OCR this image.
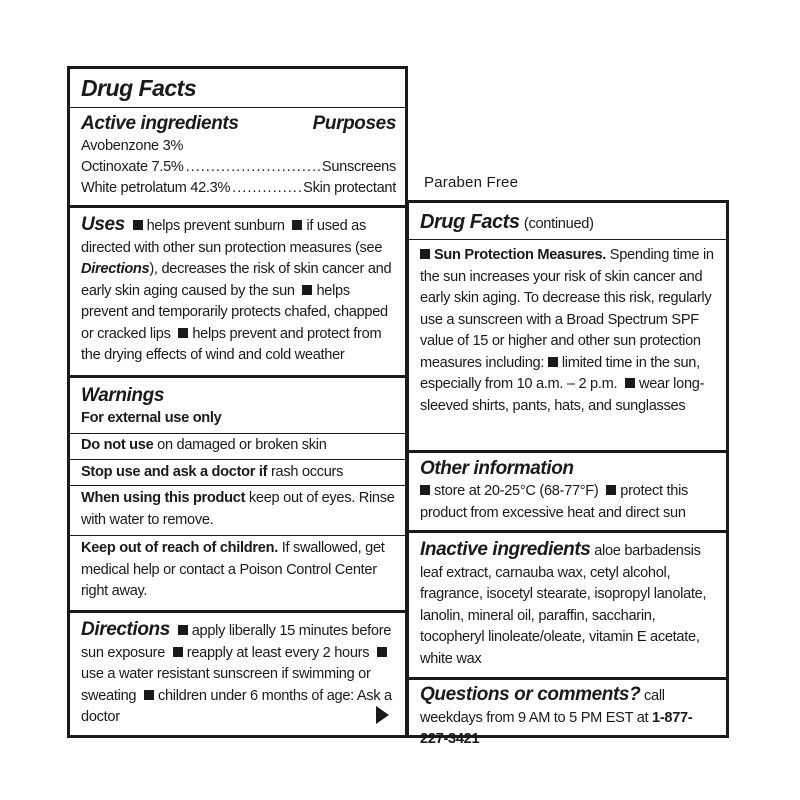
Drug Facts
Active ingredients	Purposes
Avobenzone 3%
Octinoxate 7.5% .....	Sunscreens
White petrolatum 42.3% .....	Skin protectant
Uses helps prevent sunburn if used as directed with other sun protection measures (see Directions), decreases the risk of skin cancer and early skin aging caused by the sun helps prevent and temporarily protects chafed, chapped or cracked lips helps prevent and protect from the drying effects of wind and cold weather
Warnings
For external use only
Do not use on damaged or broken skin
Stop use and ask a doctor if rash occurs
When using this product keep out of eyes. Rinse with water to remove.
Keep out of reach of children. If swallowed, get medical help or contact a Poison Control Center right away.
Directions apply liberally 15 minutes before sun exposure reapply at least every 2 hours use a water resistant sunscreen if swimming or sweating children under 6 months of age: Ask a doctor
Paraben Free
Drug Facts (continued)
Sun Protection Measures. Spending time in the sun increases your risk of skin cancer and early skin aging. To decrease this risk, regularly use a sunscreen with a Broad Spectrum SPF value of 15 or higher and other sun protection measures including: limited time in the sun, especially from 10 a.m. – 2 p.m. wear long-sleeved shirts, pants, hats, and sunglasses
Other information
store at 20-25°C (68-77°F) protect this product from excessive heat and direct sun
Inactive ingredients aloe barbadensis leaf extract, carnauba wax, cetyl alcohol, fragrance, isocetyl stearate, isopropyl lanolate, lanolin, mineral oil, paraffin, saccharin, tocopheryl linoleate/oleate, vitamin E acetate, white wax
Questions or comments? call weekdays from 9 AM to 5 PM EST at 1-877-227-3421
